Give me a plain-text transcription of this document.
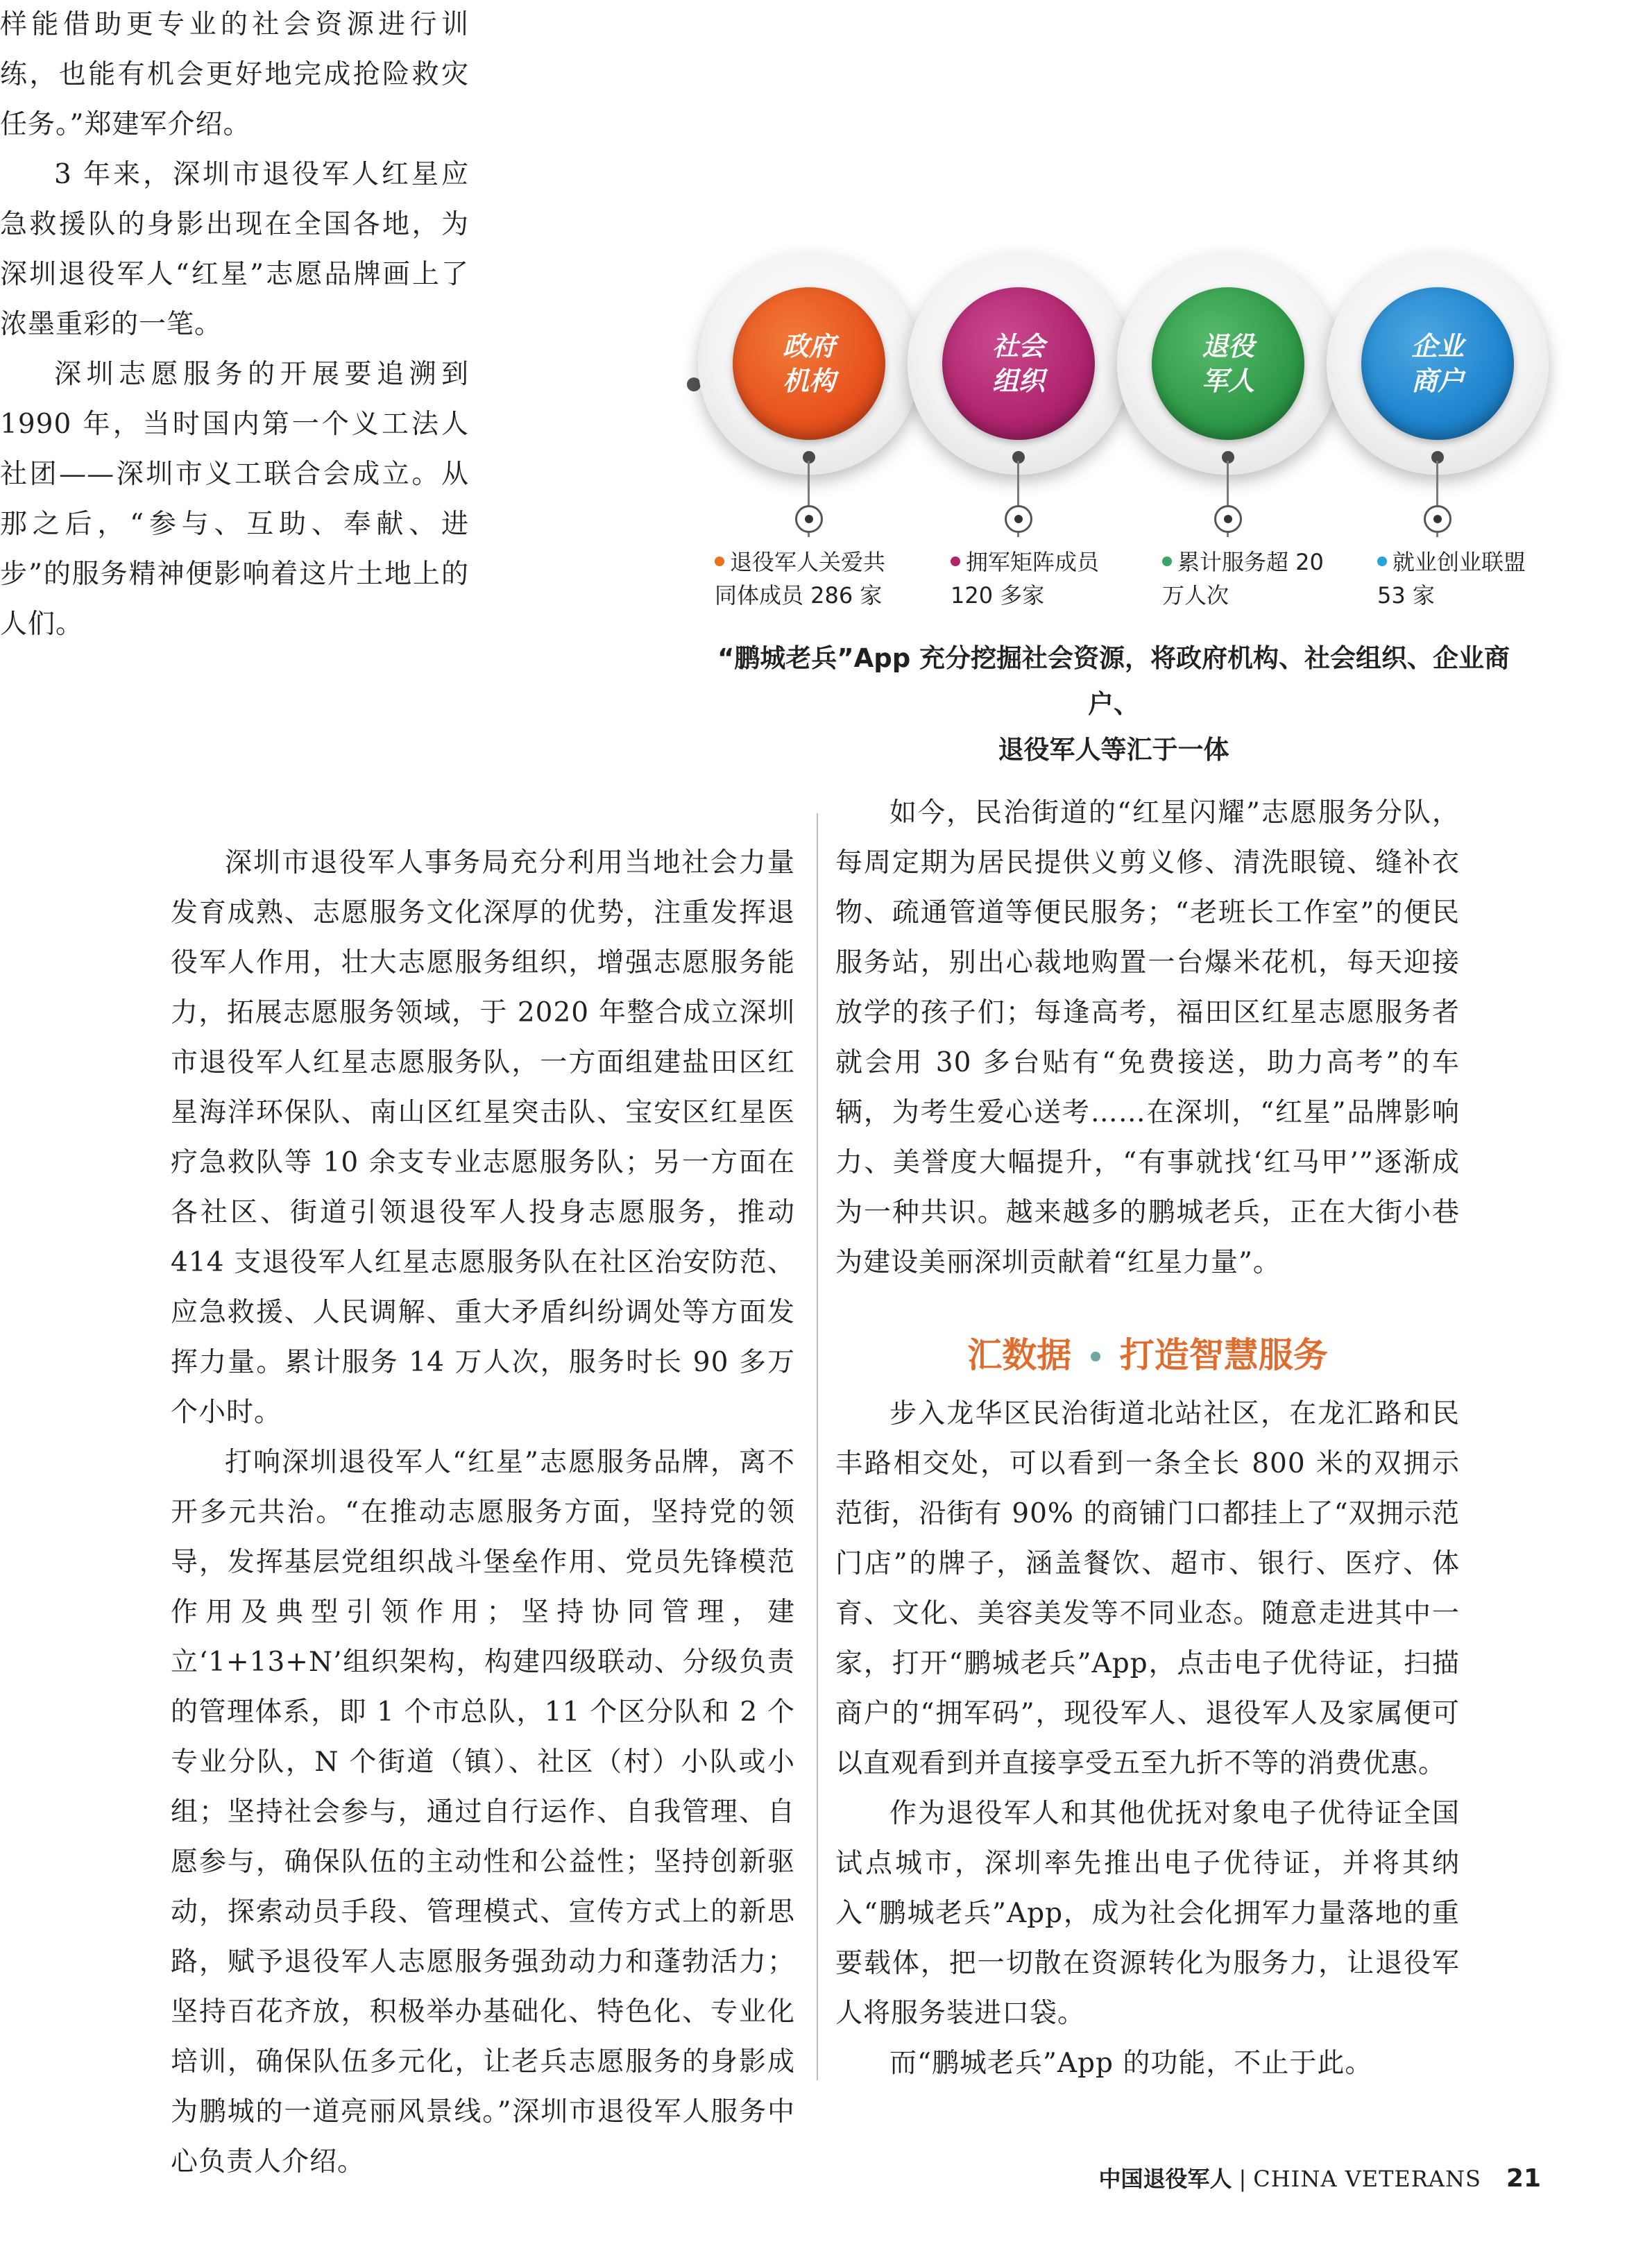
样能借助更专业的社会资源进行训练，也能有机会更好地完成抢险救灾任务。”郑建军介绍。

3 年来，深圳市退役军人红星应急救援队的身影出现在全国各地，为深圳退役军人“红星”志愿品牌画上了浓墨重彩的一笔。

深圳志愿服务的开展要追溯到 1990 年，当时国内第一个义工法人社团——深圳市义工联合会成立。从那之后，“参与、互助、奉献、进步”的服务精神便影响着这片土地上的人们。

政府
机构
社会
组织
退役
军人
企业
商户
退役军人关爱共
同体成员 286 家
拥军矩阵成员
120 多家
累计服务超 20
万人次
就业创业联盟
53 家
“鹏城老兵”App 充分挖掘社会资源，将政府机构、社会组织、企业商户、
退役军人等汇于一体

深圳市退役军人事务局充分利用当地社会力量发育成熟、志愿服务文化深厚的优势，注重发挥退役军人作用，壮大志愿服务组织，增强志愿服务能力，拓展志愿服务领域，于 2020 年整合成立深圳市退役军人红星志愿服务队，一方面组建盐田区红星海洋环保队、南山区红星突击队、宝安区红星医疗急救队等 10 余支专业志愿服务队；另一方面在各社区、街道引领退役军人投身志愿服务，推动 414 支退役军人红星志愿服务队在社区治安防范、应急救援、人民调解、重大矛盾纠纷调处等方面发挥力量。累计服务 14 万人次，服务时长 90 多万个小时。

打响深圳退役军人“红星”志愿服务品牌，离不开多元共治。“在推动志愿服务方面，坚持党的领导，发挥基层党组织战斗堡垒作用、党员先锋模范作用及典型引领作用；坚持协同管理，建立‘1+13+N’组织架构，构建四级联动、分级负责的管理体系，即 1 个市总队，11 个区分队和 2 个专业分队，N 个街道（镇）、社区（村）小队或小组；坚持社会参与，通过自行运作、自我管理、自愿参与，确保队伍的主动性和公益性；坚持创新驱动，探索动员手段、管理模式、宣传方式上的新思路，赋予退役军人志愿服务强劲动力和蓬勃活力；坚持百花齐放，积极举办基础化、特色化、专业化培训，确保队伍多元化，让老兵志愿服务的身影成为鹏城的一道亮丽风景线。”深圳市退役军人服务中心负责人介绍。

如今，民治街道的“红星闪耀”志愿服务分队，每周定期为居民提供义剪义修、清洗眼镜、缝补衣物、疏通管道等便民服务；“老班长工作室”的便民服务站，别出心裁地购置一台爆米花机，每天迎接放学的孩子们；每逢高考，福田区红星志愿服务者就会用 30 多台贴有“免费接送，助力高考”的车辆，为考生爱心送考……在深圳，“红星”品牌影响力、美誉度大幅提升，“有事就找‘红马甲’”逐渐成为一种共识。越来越多的鹏城老兵，正在大街小巷为建设美丽深圳贡献着“红星力量”。

汇数据 • 打造智慧服务

步入龙华区民治街道北站社区，在龙汇路和民丰路相交处，可以看到一条全长 800 米的双拥示范街，沿街有 90% 的商铺门口都挂上了“双拥示范门店”的牌子，涵盖餐饮、超市、银行、医疗、体育、文化、美容美发等不同业态。随意走进其中一家，打开“鹏城老兵”App，点击电子优待证，扫描商户的“拥军码”，现役军人、退役军人及家属便可以直观看到并直接享受五至九折不等的消费优惠。

作为退役军人和其他优抚对象电子优待证全国试点城市，深圳率先推出电子优待证，并将其纳入“鹏城老兵”App，成为社会化拥军力量落地的重要载体，把一切散在资源转化为服务力，让退役军人将服务装进口袋。

而“鹏城老兵”App 的功能，不止于此。

中国退役军人 | CHINA VETERANS 21
